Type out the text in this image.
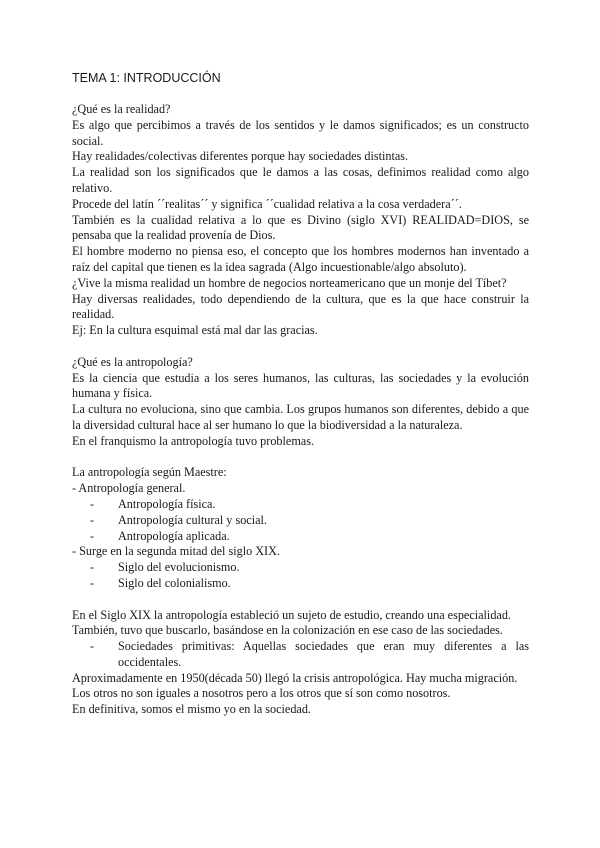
TEMA 1: INTRODUCCIÓN

¿Qué es la realidad?

Es algo que percibimos a través de los sentidos y le damos significados; es un constructo social.

Hay realidades/colectivas diferentes porque hay sociedades distintas.

La realidad son los significados que le damos a las cosas, definimos realidad como algo relativo.

Procede del latín ´´realitas´´ y significa ´´cualidad relativa a la cosa verdadera´´.

También es la cualidad relativa a lo que es Divino (siglo XVI) REALIDAD=DIOS, se pensaba que la realidad provenía de Dios.

El hombre moderno no piensa eso, el concepto que los hombres modernos han inventado a raíz del capital que tienen es la idea sagrada (Algo incuestionable/algo absoluto).

¿Vive la misma realidad un hombre de negocios norteamericano que un monje del Tíbet?

Hay diversas realidades, todo dependiendo de la cultura, que es la que hace construir la realidad.

Ej: En la cultura esquimal está mal dar las gracias.

¿Qué es la antropología?

Es la ciencia que estudia a los seres humanos, las culturas, las sociedades y la evolución humana y física.

La cultura no evoluciona, sino que cambia. Los grupos humanos son diferentes, debido a que la diversidad cultural hace al ser humano lo que la biodiversidad a la naturaleza.

En el franquismo la antropología tuvo problemas.

La antropología según Maestre:

- Antropología general.

-	Antropología física.
-	Antropología cultural y social.
-	Antropología aplicada.

- Surge en la segunda mitad del siglo XIX.

-	Siglo del evolucionismo.
-	Siglo del colonialismo.

En el Siglo XIX la antropología estableció un sujeto de estudio, creando una especialidad.

También, tuvo que buscarlo, basándose en la colonización en ese caso de las sociedades.

-	Sociedades primitivas: Aquellas sociedades que eran muy diferentes a las occidentales.

Aproximadamente en 1950(década 50) llegó la crisis antropológica. Hay mucha migración.

Los otros no son iguales a nosotros pero a los otros que sí son como nosotros.

En definitiva, somos el mismo yo en la sociedad.
